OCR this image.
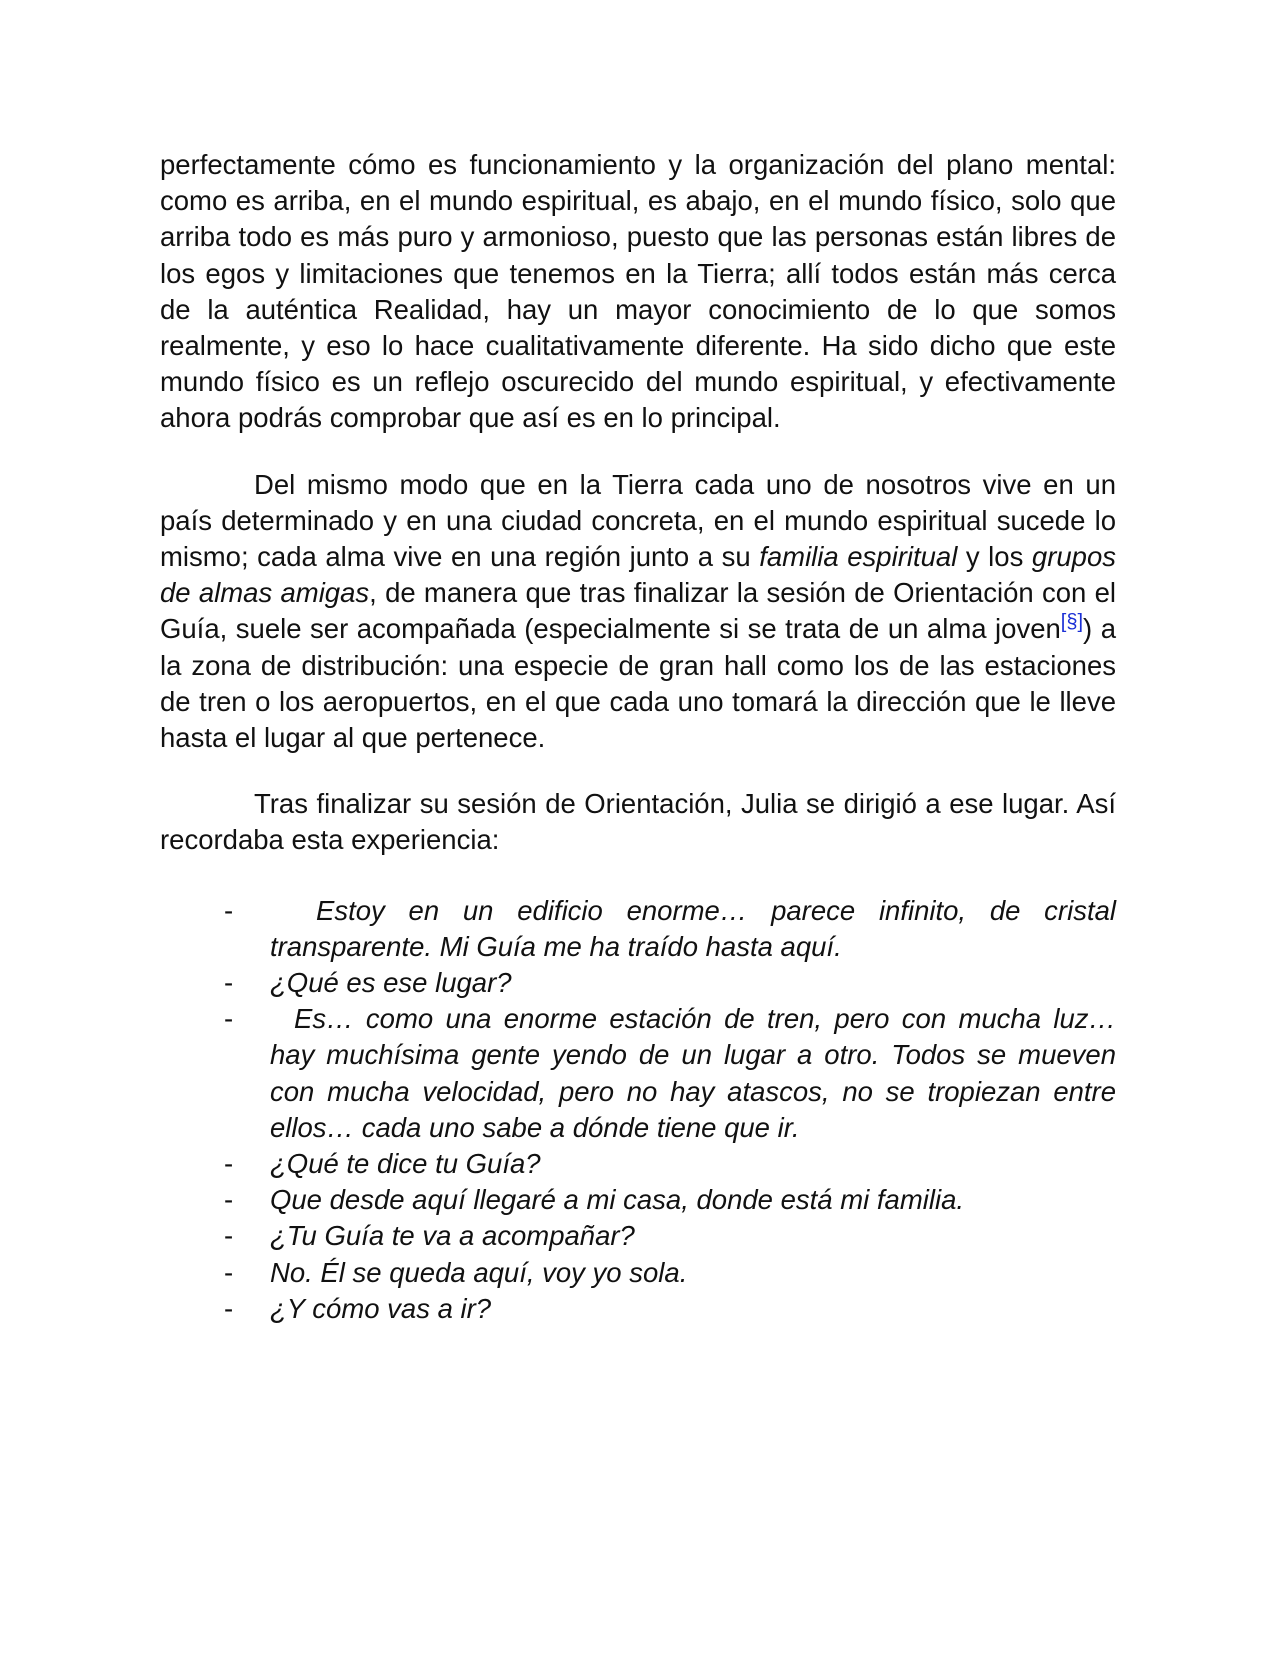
perfectamente cómo es funcionamiento y la organización del plano mental: como es arriba, en el mundo espiritual, es abajo, en el mundo físico, solo que arriba todo es más puro y armonioso, puesto que las personas están libres de los egos y limitaciones que tenemos en la Tierra; allí todos están más cerca de la auténtica Realidad, hay un mayor conocimiento de lo que somos realmente, y eso lo hace cualitativamente diferente. Ha sido dicho que este mundo físico es un reflejo oscurecido del mundo espiritual, y efectivamente ahora podrás comprobar que así es en lo principal.

Del mismo modo que en la Tierra cada uno de nosotros vive en un país determinado y en una ciudad concreta, en el mundo espiritual sucede lo mismo; cada alma vive en una región junto a su familia espiritual y los grupos de almas amigas, de manera que tras finalizar la sesión de Orientación con el Guía, suele ser acompañada (especialmente si se trata de un alma joven[§]) a la zona de distribución: una especie de gran hall como los de las estaciones de tren o los aeropuertos, en el que cada uno tomará la dirección que le lleve hasta el lugar al que pertenece.

Tras finalizar su sesión de Orientación, Julia se dirigió a ese lugar. Así recordaba esta experiencia:

-	Estoy en un edificio enorme… parece infinito, de cristal transparente. Mi Guía me ha traído hasta aquí.
- ¿Qué es ese lugar?
-	Es… como una enorme estación de tren, pero con mucha luz… hay muchísima gente yendo de un lugar a otro. Todos se mueven con mucha velocidad, pero no hay atascos, no se tropiezan entre ellos… cada uno sabe a dónde tiene que ir.
- ¿Qué te dice tu Guía?
- Que desde aquí llegaré a mi casa, donde está mi familia.
- ¿Tu Guía te va a acompañar?
- No. Él se queda aquí, voy yo sola.
- ¿Y cómo vas a ir?
